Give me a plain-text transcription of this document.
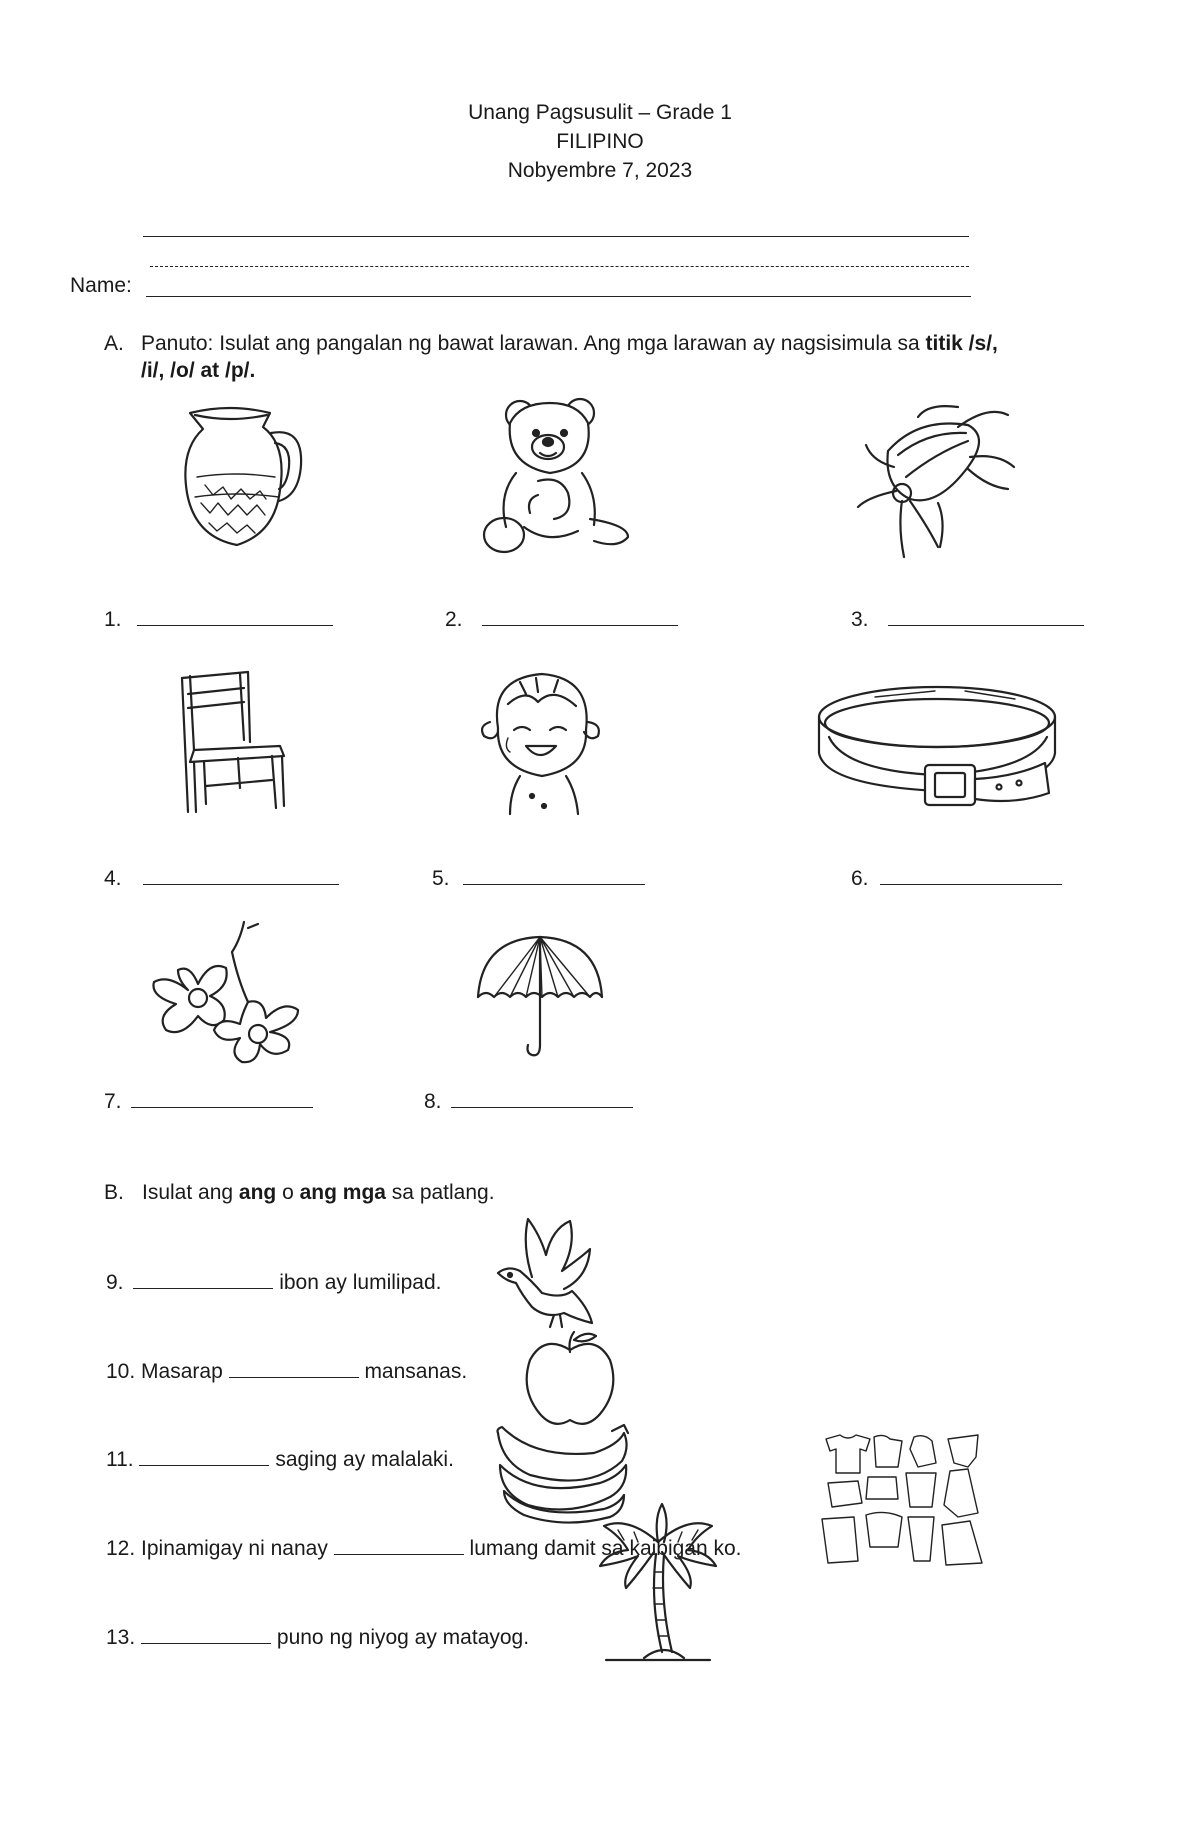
Unang Pagsusulit – Grade 1
FILIPINO
Nobyembre 7, 2023
Name:
A. Panuto: Isulat ang pangalan ng bawat larawan. Ang mga larawan ay nagsisimula sa titik /s/,
/i/, /o/ at /p/.
1.	2.	3.
4.	5.	6.
7.	8.
B. Isulat ang ang o ang mga sa patlang.
9.	ibon ay lumilipad.
10. Masarap	mansanas.
11.	saging ay malalaki.
12. Ipinamigay ni nanay	lumang damit sa kaibigan ko.
13.	puno ng niyog ay matayog.
